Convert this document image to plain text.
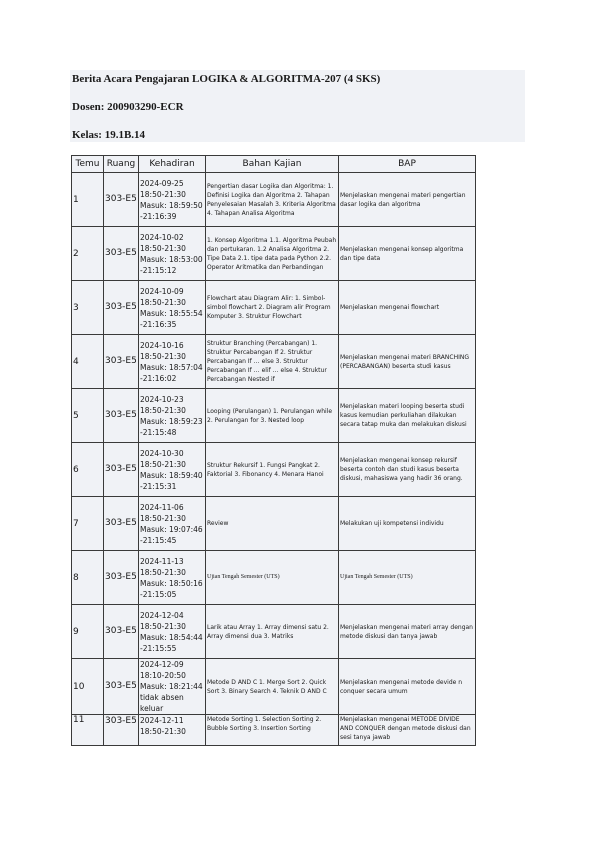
Berita Acara Pengajaran LOGIKA & ALGORITMA-207 (4 SKS)
Dosen: 200903290-ECR
Kelas: 19.1B.14
Temu	Ruang	Kehadiran	Bahan Kajian	BAP
1	303-E5	2024-09-25 18:50-21:30 Masuk: 18:59:50 -21:16:39	Pengertian dasar Logika dan Algoritma: 1. Definisi Logika dan Algoritma 2. Tahapan Penyelesaian Masalah 3. Kriteria Algoritma 4. Tahapan Analisa Algoritma	Menjelaskan mengenai materi pengertian dasar logika dan algoritma
2	303-E5	2024-10-02 18:50-21:30 Masuk: 18:53:00 -21:15:12	1. Konsep Algoritma 1.1. Algoritma Peubah dan pertukaran. 1.2 Analisa Algoritma 2. Tipe Data 2.1. tipe data pada Python 2.2. Operator Aritmatika dan Perbandingan	Menjelaskan mengenai konsep algoritma dan tipe data
3	303-E5	2024-10-09 18:50-21:30 Masuk: 18:55:54 -21:16:35	Flowchart atau Diagram Alir: 1. Simbol-simbol flowchart 2. Diagram alir Program Komputer 3. Struktur Flowchart	Menjelaskan mengenai flowchart
4	303-E5	2024-10-16 18:50-21:30 Masuk: 18:57:04 -21:16:02	Struktur Branching (Percabangan) 1. Struktur Percabangan If 2. Struktur Percabangan If … else 3. Struktur Percabangan If … elif … else 4. Struktur Percabangan Nested if	Menjelaskan mengenai materi BRANCHING (PERCABANGAN) beserta studi kasus
5	303-E5	2024-10-23 18:50-21:30 Masuk: 18:59:23 -21:15:48	Looping (Perulangan) 1. Perulangan while 2. Perulangan for 3. Nested loop	Menjelaskan materi looping beserta studi kasus kemudian perkuliahan dilakukan secara tatap muka dan melakukan diskusi
6	303-E5	2024-10-30 18:50-21:30 Masuk: 18:59:40 -21:15:31	Struktur Rekursif 1. Fungsi Pangkat 2. Faktorial 3. Fibonancy 4. Menara Hanoi	Menjelaskan mengenai konsep rekursif beserta contoh dan studi kasus beserta diskusi, mahasiswa yang hadir 36 orang.
7	303-E5	2024-11-06 18:50-21:30 Masuk: 19:07:46 -21:15:45	Review	Melakukan uji kompetensi individu
8	303-E5	2024-11-13 18:50-21:30 Masuk: 18:50:16 -21:15:05	Ujian Tengah Semester (UTS)	Ujian Tengah Semester (UTS)
9	303-E5	2024-12-04 18:50-21:30 Masuk: 18:54:44 -21:15:55	Larik atau Array 1. Array dimensi satu 2. Array dimensi dua 3. Matriks	Menjelaskan mengenai materi array dengan metode diskusi dan tanya jawab
10	303-E5	2024-12-09 18:10-20:50 Masuk: 18:21:44 tidak absen keluar	Metode D AND C 1. Merge Sort 2. Quick Sort 3. Binary Search 4. Teknik D AND C	Menjelaskan mengenai metode devide n conquer secara umum
11	303-E5	2024-12-11 18:50-21:30	Metode Sorting 1. Selection Sorting 2. Bubble Sorting 3. Insertion Sorting	Menjelaskan mengenai METODE DIVIDE AND CONQUER dengan metode diskusi dan sesi tanya jawab
